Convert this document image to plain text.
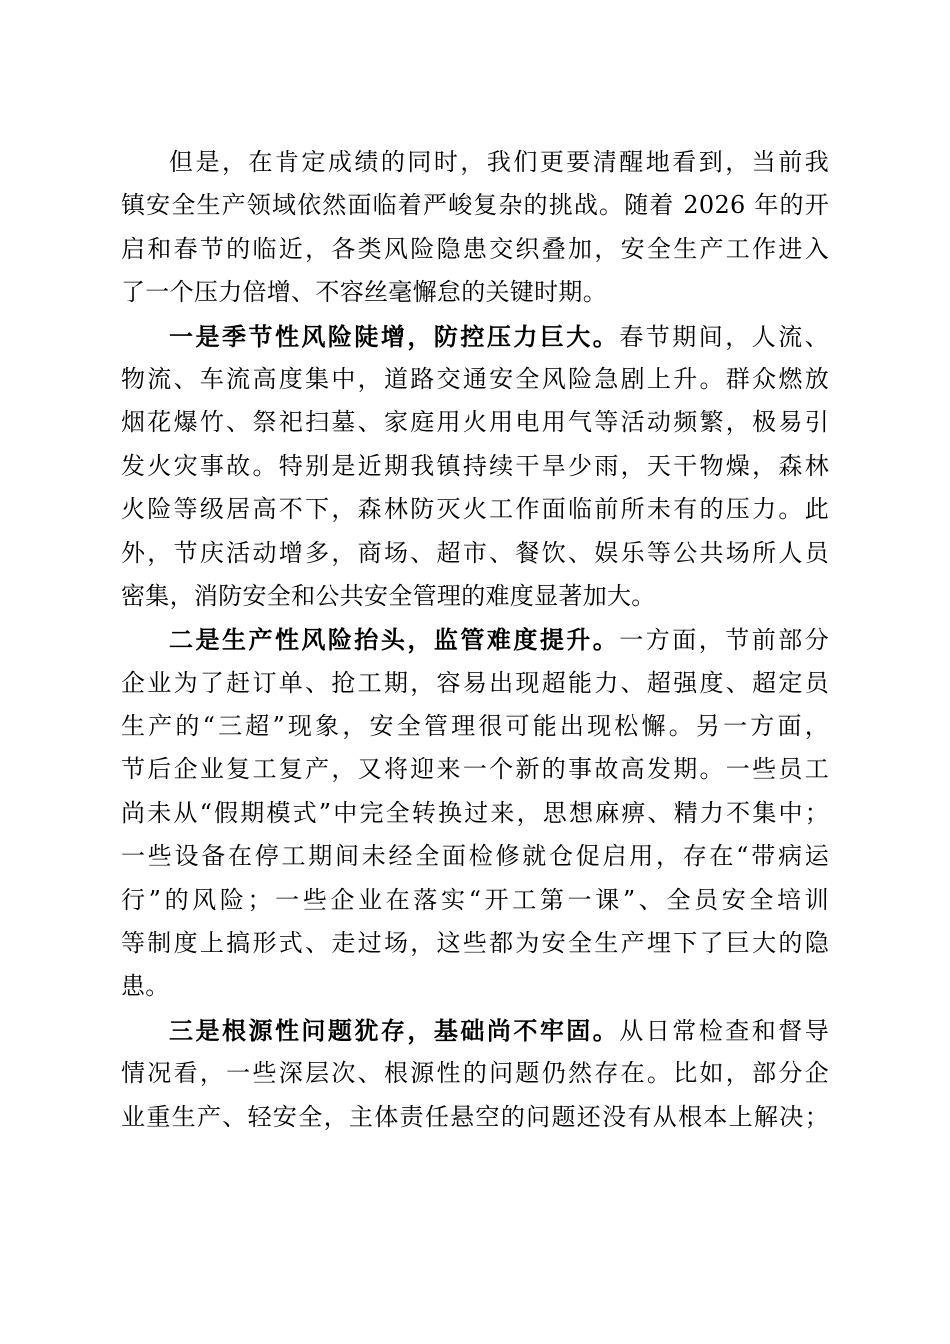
但是，在肯定成绩的同时，我们更要清醒地看到，当前我
镇安全生产领域依然面临着严峻复杂的挑战。随着 2026 年的开
启和春节的临近，各类风险隐患交织叠加，安全生产工作进入
了一个压力倍增、不容丝毫懈怠的关键时期。
一是季节性风险陡增，防控压力巨大。春节期间，人流、
物流、车流高度集中，道路交通安全风险急剧上升。群众燃放
烟花爆竹、祭祀扫墓、家庭用火用电用气等活动频繁，极易引
发火灾事故。特别是近期我镇持续干旱少雨，天干物燥，森林
火险等级居高不下，森林防灭火工作面临前所未有的压力。此
外，节庆活动增多，商场、超市、餐饮、娱乐等公共场所人员
密集，消防安全和公共安全管理的难度显著加大。
二是生产性风险抬头，监管难度提升。一方面，节前部分
企业为了赶订单、抢工期，容易出现超能力、超强度、超定员
生产的“三超”现象，安全管理很可能出现松懈。另一方面，
节后企业复工复产，又将迎来一个新的事故高发期。一些员工
尚未从“假期模式”中完全转换过来，思想麻痹、精力不集中；
一些设备在停工期间未经全面检修就仓促启用，存在“带病运
行”的风险；一些企业在落实“开工第一课”、全员安全培训
等制度上搞形式、走过场，这些都为安全生产埋下了巨大的隐
患。
三是根源性问题犹存，基础尚不牢固。从日常检查和督导
情况看，一些深层次、根源性的问题仍然存在。比如，部分企
业重生产、轻安全，主体责任悬空的问题还没有从根本上解决；
